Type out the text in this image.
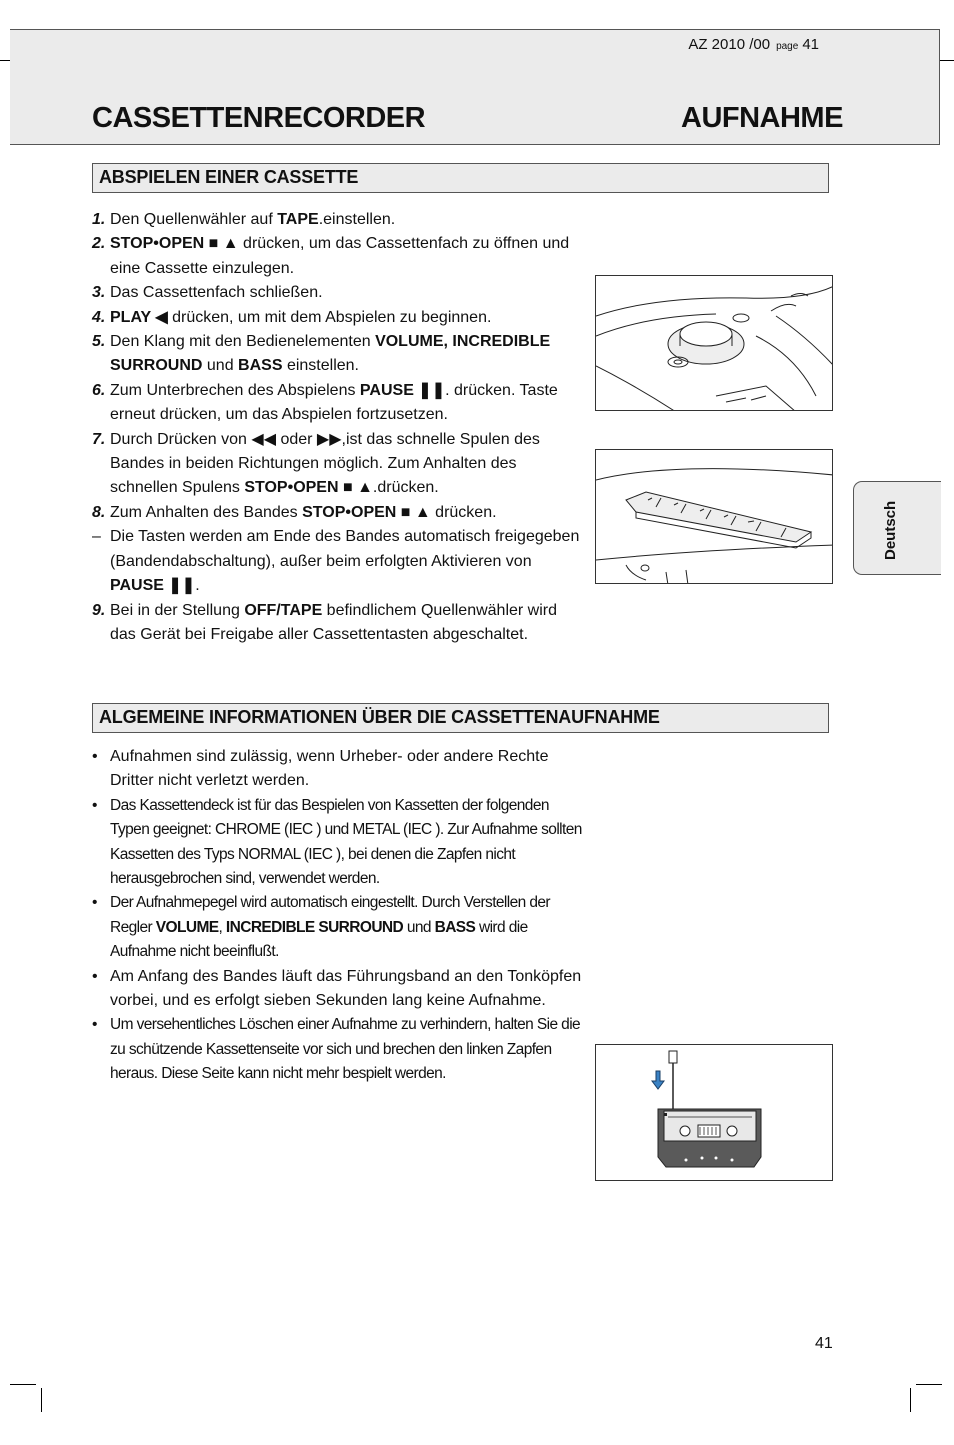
AZ 2010 /00 page 41
CASSETTENRECORDER	AUFNAHME
ABSPIELEN EINER CASSETTE
1. Den Quellenwähler auf TAPE.einstellen.
2. STOP•OPEN ■ ▲ drücken, um das Cassettenfach zu öffnen und eine Cassette einzulegen.
3. Das Cassettenfach schließen.
4. PLAY ◀ drücken, um mit dem Abspielen zu beginnen.
5. Den Klang mit den Bedienelementen VOLUME, INCREDIBLE SURROUND und BASS einstellen.
6. Zum Unterbrechen des Abspielens PAUSE ❚❚. drücken. Taste erneut drücken, um das Abspielen fortzusetzen.
7. Durch Drücken von ◀◀ oder ▶▶,ist das schnelle Spulen des Bandes in beiden Richtungen möglich. Zum Anhalten des schnellen Spulens STOP•OPEN ■ ▲.drücken.
8. Zum Anhalten des Bandes STOP•OPEN ■ ▲ drücken.
– Die Tasten werden am Ende des Bandes automatisch freigegeben (Bandendabschaltung), außer beim erfolgten Aktivieren von PAUSE ❚❚.
9. Bei in der Stellung OFF/TAPE befindlichem Quellenwähler wird das Gerät bei Freigabe aller Cassettentasten abgeschaltet.
ALGEMEINE INFORMATIONEN ÜBER DIE CASSETTENAUFNAHME
• Aufnahmen sind zulässig, wenn Urheber- oder andere Rechte Dritter nicht verletzt werden.
• Das Kassettendeck ist für das Bespielen von Kassetten der folgenden Typen geeignet: CHROME (IEC ) und METAL (IEC ). Zur Aufnahme sollten Kassetten des Typs NORMAL (IEC ), bei denen die Zapfen nicht herausgebrochen sind, verwendet werden.
• Der Aufnahmepegel wird automatisch eingestellt. Durch Verstellen der Regler VOLUME, INCREDIBLE SURROUND und BASS wird die Aufnahme nicht beeinflußt.
• Am Anfang des Bandes läuft das Führungsband an den Tonköpfen vorbei, und es erfolgt sieben Sekunden lang keine Aufnahme.
• Um versehentliches Löschen einer Aufnahme zu verhindern, halten Sie die zu schützende Kassettenseite vor sich und brechen den linken Zapfen heraus. Diese Seite kann nicht mehr bespielt werden.
Deutsch
41
